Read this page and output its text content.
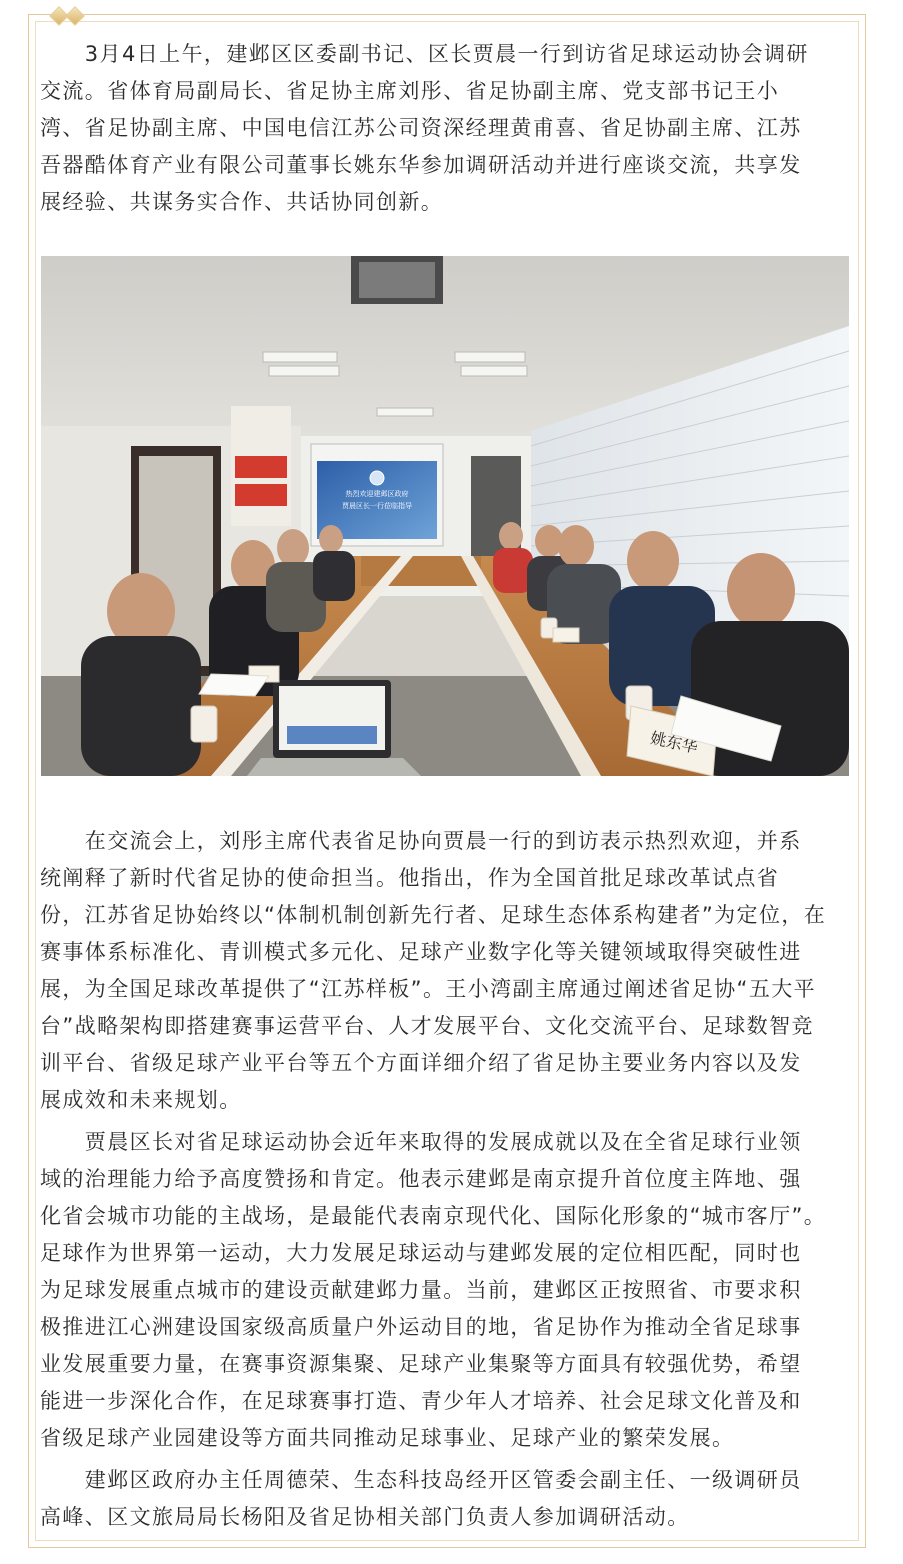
　　3月4日上午，建邺区区委副书记、区长贾晨一行到访省足球运动协会调研
交流。省体育局副局长、省足协主席刘彤、省足协副主席、党支部书记王小
湾、省足协副主席、中国电信江苏公司资深经理黄甫喜、省足协副主席、江苏
吾器酷体育产业有限公司董事长姚东华参加调研活动并进行座谈交流，共享发
展经验、共谋务实合作、共话协同创新。
热烈欢迎建邺区政府
贾晨区长一行莅临指导
姚东华
　　在交流会上，刘彤主席代表省足协向贾晨一行的到访表示热烈欢迎，并系
统阐释了新时代省足协的使命担当。他指出，作为全国首批足球改革试点省
份，江苏省足协始终以“体制机制创新先行者、足球生态体系构建者”为定位，在
赛事体系标准化、青训模式多元化、足球产业数字化等关键领域取得突破性进
展，为全国足球改革提供了“江苏样板”。王小湾副主席通过阐述省足协“五大平
台”战略架构即搭建赛事运营平台、人才发展平台、文化交流平台、足球数智竞
训平台、省级足球产业平台等五个方面详细介绍了省足协主要业务内容以及发
展成效和未来规划。
　　贾晨区长对省足球运动协会近年来取得的发展成就以及在全省足球行业领
域的治理能力给予高度赞扬和肯定。他表示建邺是南京提升首位度主阵地、强
化省会城市功能的主战场，是最能代表南京现代化、国际化形象的“城市客厅”。
足球作为世界第一运动，大力发展足球运动与建邺发展的定位相匹配，同时也
为足球发展重点城市的建设贡献建邺力量。当前，建邺区正按照省、市要求积
极推进江心洲建设国家级高质量户外运动目的地，省足协作为推动全省足球事
业发展重要力量，在赛事资源集聚、足球产业集聚等方面具有较强优势，希望
能进一步深化合作，在足球赛事打造、青少年人才培养、社会足球文化普及和
省级足球产业园建设等方面共同推动足球事业、足球产业的繁荣发展。
　　建邺区政府办主任周德荣、生态科技岛经开区管委会副主任、一级调研员
高峰、区文旅局局长杨阳及省足协相关部门负责人参加调研活动。
